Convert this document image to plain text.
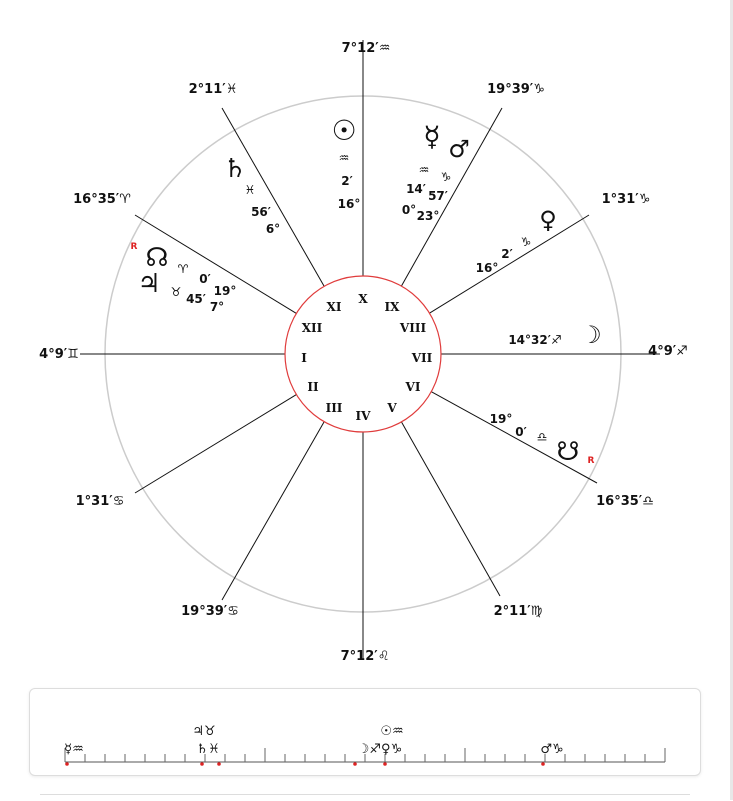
7°12′♒
2°11′♓
16°35′♈
4°9′♊
1°31′♋
19°39′♋
7°12′♌
2°11′♍
16°35′♎
4°9′♐
1°31′♑
19°39′♑
X
XI
XII
I
II
III
IV
V
VI
VII
VIII
IX
☉
♒
2′
16°
☿
♒
14′
0°
♂
♑
57′
23°
♄
♓
56′
6°	♀
♑
2′
16°
R ☊ ♈
0′
19°
♃ ♉ 45′
7°
14°32′♐ ☽
19°
0′ ♎ ☋ R
♃♉	☉♒
☿♒	♄♓	☽♐♀♑	♂♑
